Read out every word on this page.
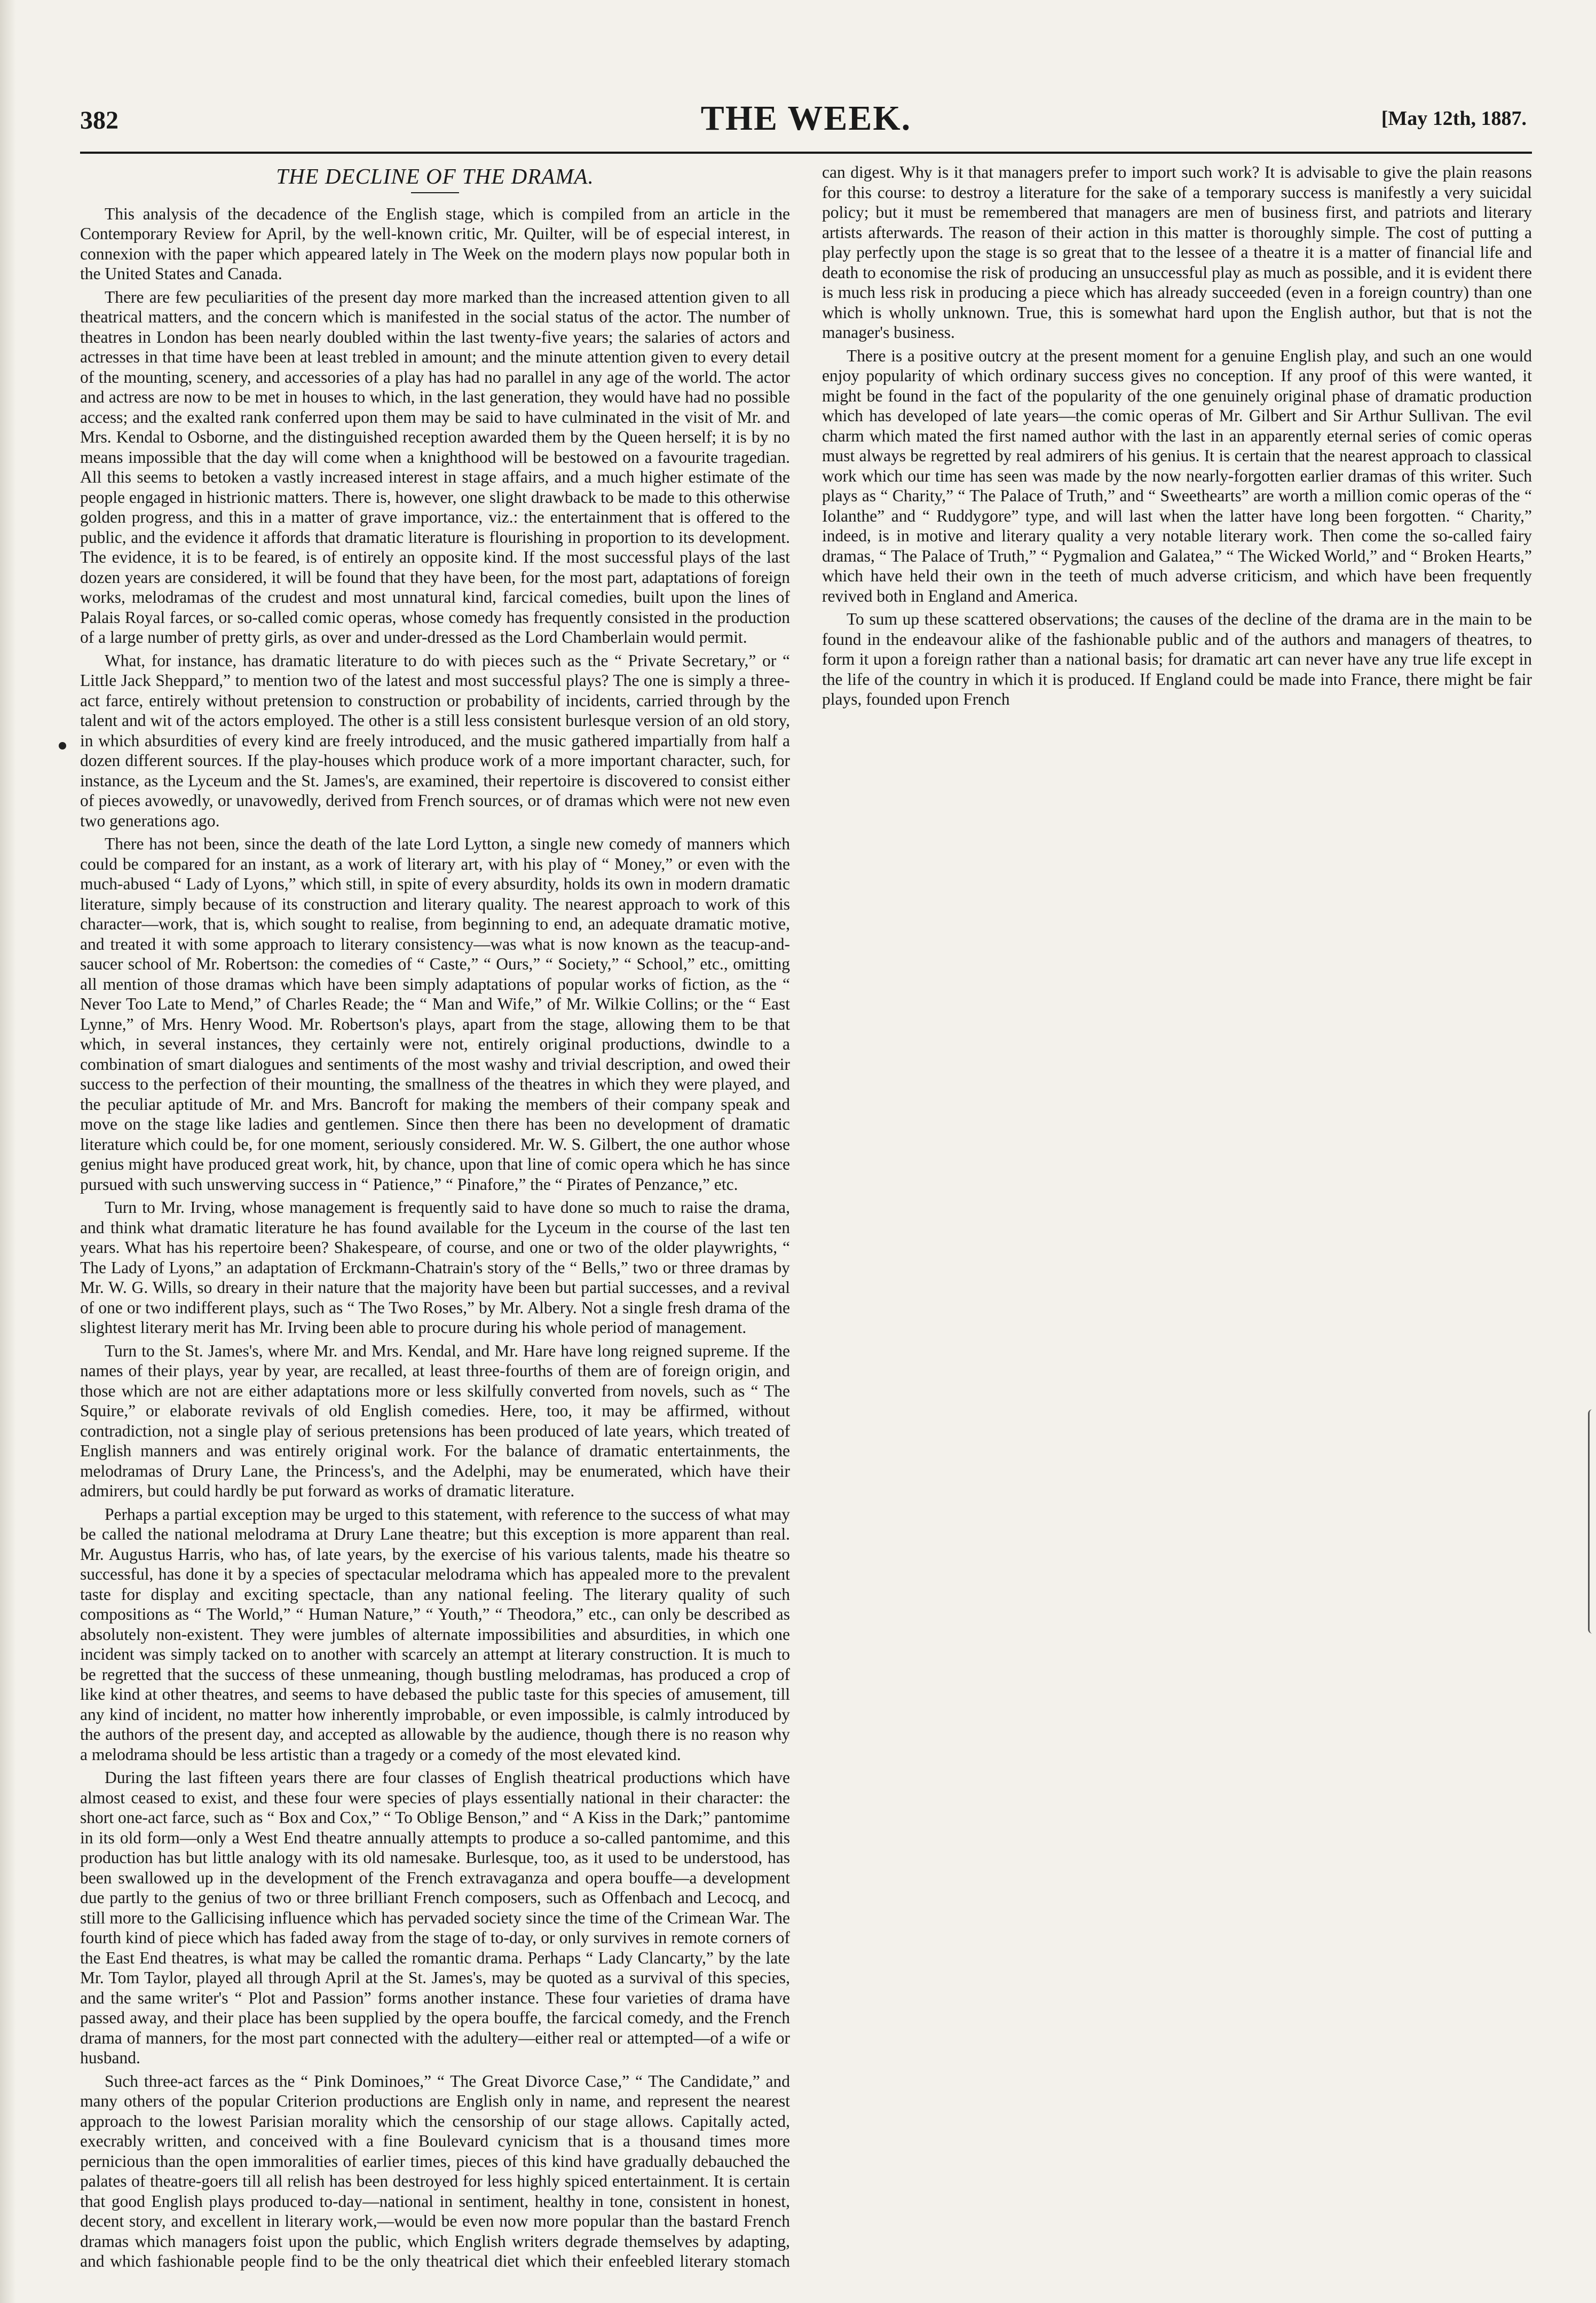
382	THE WEEK.	[May 12th, 1887.
THE DECLINE OF THE DRAMA.

This analysis of the decadence of the English stage, which is compiled from an article in the Contemporary Review for April, by the well-known critic, Mr. Quilter, will be of especial interest, in connexion with the paper which appeared lately in The Week on the modern plays now popular both in the United States and Canada.

There are few peculiarities of the present day more marked than the increased attention given to all theatrical matters, and the concern which is manifested in the social status of the actor. The number of theatres in London has been nearly doubled within the last twenty-five years; the salaries of actors and actresses in that time have been at least trebled in amount; and the minute attention given to every detail of the mounting, scenery, and accessories of a play has had no parallel in any age of the world. The actor and actress are now to be met in houses to which, in the last generation, they would have had no possible access; and the exalted rank conferred upon them may be said to have culminated in the visit of Mr. and Mrs. Kendal to Osborne, and the distinguished reception awarded them by the Queen herself; it is by no means impossible that the day will come when a knighthood will be bestowed on a favourite tragedian. All this seems to betoken a vastly increased interest in stage affairs, and a much higher estimate of the people engaged in histrionic matters. There is, however, one slight drawback to be made to this otherwise golden progress, and this in a matter of grave importance, viz.: the entertainment that is offered to the public, and the evidence it affords that dramatic literature is flourishing in proportion to its development. The evidence, it is to be feared, is of entirely an opposite kind. If the most successful plays of the last dozen years are considered, it will be found that they have been, for the most part, adaptations of foreign works, melodramas of the crudest and most unnatural kind, farcical comedies, built upon the lines of Palais Royal farces, or so-called comic operas, whose comedy has frequently consisted in the production of a large number of pretty girls, as over and under-dressed as the Lord Chamberlain would permit.

What, for instance, has dramatic literature to do with pieces such as the “ Private Secretary,” or “ Little Jack Sheppard,” to mention two of the latest and most successful plays? The one is simply a three-act farce, entirely without pretension to construction or probability of incidents, carried through by the talent and wit of the actors employed. The other is a still less consistent burlesque version of an old story, in which absurdities of every kind are freely introduced, and the music gathered impartially from half a dozen different sources. If the play-houses which produce work of a more important character, such, for instance, as the Lyceum and the St. James's, are examined, their repertoire is discovered to consist either of pieces avowedly, or unavowedly, derived from French sources, or of dramas which were not new even two generations ago.

There has not been, since the death of the late Lord Lytton, a single new comedy of manners which could be compared for an instant, as a work of literary art, with his play of “ Money,” or even with the much-abused “ Lady of Lyons,” which still, in spite of every absurdity, holds its own in modern dramatic literature, simply because of its construction and literary quality. The nearest approach to work of this character—work, that is, which sought to realise, from beginning to end, an adequate dramatic motive, and treated it with some approach to literary consistency—was what is now known as the teacup-and-saucer school of Mr. Robertson: the comedies of “ Caste,” “ Ours,” “ Society,” “ School,” etc., omitting all mention of those dramas which have been simply adaptations of popular works of fiction, as the “ Never Too Late to Mend,” of Charles Reade; the “ Man and Wife,” of Mr. Wilkie Collins; or the “ East Lynne,” of Mrs. Henry Wood. Mr. Robertson's plays, apart from the stage, allowing them to be that which, in several instances, they certainly were not, entirely original productions, dwindle to a combination of smart dialogues and sentiments of the most washy and trivial description, and owed their success to the perfection of their mounting, the smallness of the theatres in which they were played, and the peculiar aptitude of Mr. and Mrs. Bancroft for making the members of their company speak and move on the stage like ladies and gentlemen. Since then there has been no development of dramatic literature which could be, for one moment, seriously considered. Mr. W. S. Gilbert, the one author whose genius might have produced great work, hit, by chance, upon that line of comic opera which he has since pursued with such unswerving success in “ Patience,” “ Pinafore,” the “ Pirates of Penzance,” etc.

Turn to Mr. Irving, whose management is frequently said to have done so much to raise the drama, and think what dramatic literature he has found available for the Lyceum in the course of the last ten years. What has his repertoire been? Shakespeare, of course, and one or two of the older playwrights, “ The Lady of Lyons,” an adaptation of Erckmann-Chatrain's story of the “ Bells,” two or three dramas by Mr. W. G. Wills, so dreary in their nature that the majority have been but partial successes, and a revival of one or two indifferent plays, such as “ The Two Roses,” by Mr. Albery. Not a single fresh drama of the slightest literary merit has Mr. Irving been able to procure during his whole period of management.

Turn to the St. James's, where Mr. and Mrs. Kendal, and Mr. Hare have long reigned supreme. If the names of their plays, year by year, are recalled, at least three-fourths of them are of foreign origin, and those which are not are either adaptations more or less skilfully converted from novels, such as “ The Squire,” or elaborate revivals of old English comedies. Here, too, it may be affirmed, without contradiction, not a single play of serious pretensions has been produced of late years, which treated of English manners and was entirely original work. For the balance of dramatic entertainments, the melodramas of Drury Lane, the Princess's, and the Adelphi, may be enumerated, which have their admirers, but could hardly be put forward as works of dramatic literature.

Perhaps a partial exception may be urged to this statement, with reference to the success of what may be called the national melodrama at Drury Lane theatre; but this exception is more apparent than real. Mr. Augustus Harris, who has, of late years, by the exercise of his various talents, made his theatre so successful, has done it by a species of spectacular melodrama which has appealed more to the prevalent taste for display and exciting spectacle, than any national feeling. The literary quality of such compositions as “ The World,” “ Human Nature,” “ Youth,” “ Theodora,” etc., can only be described as absolutely non-existent. They were jumbles of alternate impossibilities and absurdities, in which one incident was simply tacked on to another with scarcely an attempt at literary construction. It is much to be regretted that the success of these unmeaning, though bustling melodramas, has produced a crop of like kind at other theatres, and seems to have debased the public taste for this species of amusement, till any kind of incident, no matter how inherently improbable, or even impossible, is calmly introduced by the authors of the present day, and accepted as allowable by the audience, though there is no reason why a melodrama should be less artistic than a tragedy or a comedy of the most elevated kind.

During the last fifteen years there are four classes of English theatrical productions which have almost ceased to exist, and these four were species of plays essentially national in their character: the short one-act farce, such as “ Box and Cox,” “ To Oblige Benson,” and “ A Kiss in the Dark;” pantomime in its old form—only a West End theatre annually attempts to produce a so-called pantomime, and this production has but little analogy with its old namesake. Burlesque, too, as it used to be understood, has been swallowed up in the development of the French extravaganza and opera bouffe—a development due partly to the genius of two or three brilliant French composers, such as Offenbach and Lecocq, and still more to the Gallicising influence which has pervaded society since the time of the Crimean War. The fourth kind of piece which has faded away from the stage of to-day, or only survives in remote corners of the East End theatres, is what may be called the romantic drama. Perhaps “ Lady Clancarty,” by the late Mr. Tom Taylor, played all through April at the St. James's, may be quoted as a survival of this species, and the same writer's “ Plot and Passion” forms another instance. These four varieties of drama have passed away, and their place has been supplied by the opera bouffe, the farcical comedy, and the French drama of manners, for the most part connected with the adultery—either real or attempted—of a wife or husband.

Such three-act farces as the “ Pink Dominoes,” “ The Great Divorce Case,” “ The Candidate,” and many others of the popular Criterion productions are English only in name, and represent the nearest approach to the lowest Parisian morality which the censorship of our stage allows. Capitally acted, execrably written, and conceived with a fine Boulevard cynicism that is a thousand times more pernicious than the open immoralities of earlier times, pieces of this kind have gradually debauched the palates of theatre-goers till all relish has been destroyed for less highly spiced entertainment. It is certain that good English plays produced to-day—national in sentiment, healthy in tone, consistent in honest, decent story, and excellent in literary work,—would be even now more popular than the bastard French dramas which managers foist upon the public, which English writers degrade themselves by adapting, and which fashionable people find to be the only theatrical diet which their enfeebled literary stomach can digest. Why is it that managers prefer to import such work? It is advisable to give the plain reasons for this course: to destroy a literature for the sake of a temporary success is manifestly a very suicidal policy; but it must be remembered that managers are men of business first, and patriots and literary artists afterwards. The reason of their action in this matter is thoroughly simple. The cost of putting a play perfectly upon the stage is so great that to the lessee of a theatre it is a matter of financial life and death to economise the risk of producing an unsuccessful play as much as possible, and it is evident there is much less risk in producing a piece which has already succeeded (even in a foreign country) than one which is wholly unknown. True, this is somewhat hard upon the English author, but that is not the manager's business.

There is a positive outcry at the present moment for a genuine English play, and such an one would enjoy popularity of which ordinary success gives no conception. If any proof of this were wanted, it might be found in the fact of the popularity of the one genuinely original phase of dramatic production which has developed of late years—the comic operas of Mr. Gilbert and Sir Arthur Sullivan. The evil charm which mated the first named author with the last in an apparently eternal series of comic operas must always be regretted by real admirers of his genius. It is certain that the nearest approach to classical work which our time has seen was made by the now nearly-forgotten earlier dramas of this writer. Such plays as “ Charity,” “ The Palace of Truth,” and “ Sweethearts” are worth a million comic operas of the “ Iolanthe” and “ Ruddygore” type, and will last when the latter have long been forgotten. “ Charity,” indeed, is in motive and literary quality a very notable literary work. Then come the so-called fairy dramas, “ The Palace of Truth,” “ Pygmalion and Galatea,” “ The Wicked World,” and “ Broken Hearts,” which have held their own in the teeth of much adverse criticism, and which have been frequently revived both in England and America.

To sum up these scattered observations; the causes of the decline of the drama are in the main to be found in the endeavour alike of the fashionable public and of the authors and managers of theatres, to form it upon a foreign rather than a national basis; for dramatic art can never have any true life except in the life of the country in which it is produced. If England could be made into France, there might be fair plays, founded upon French
